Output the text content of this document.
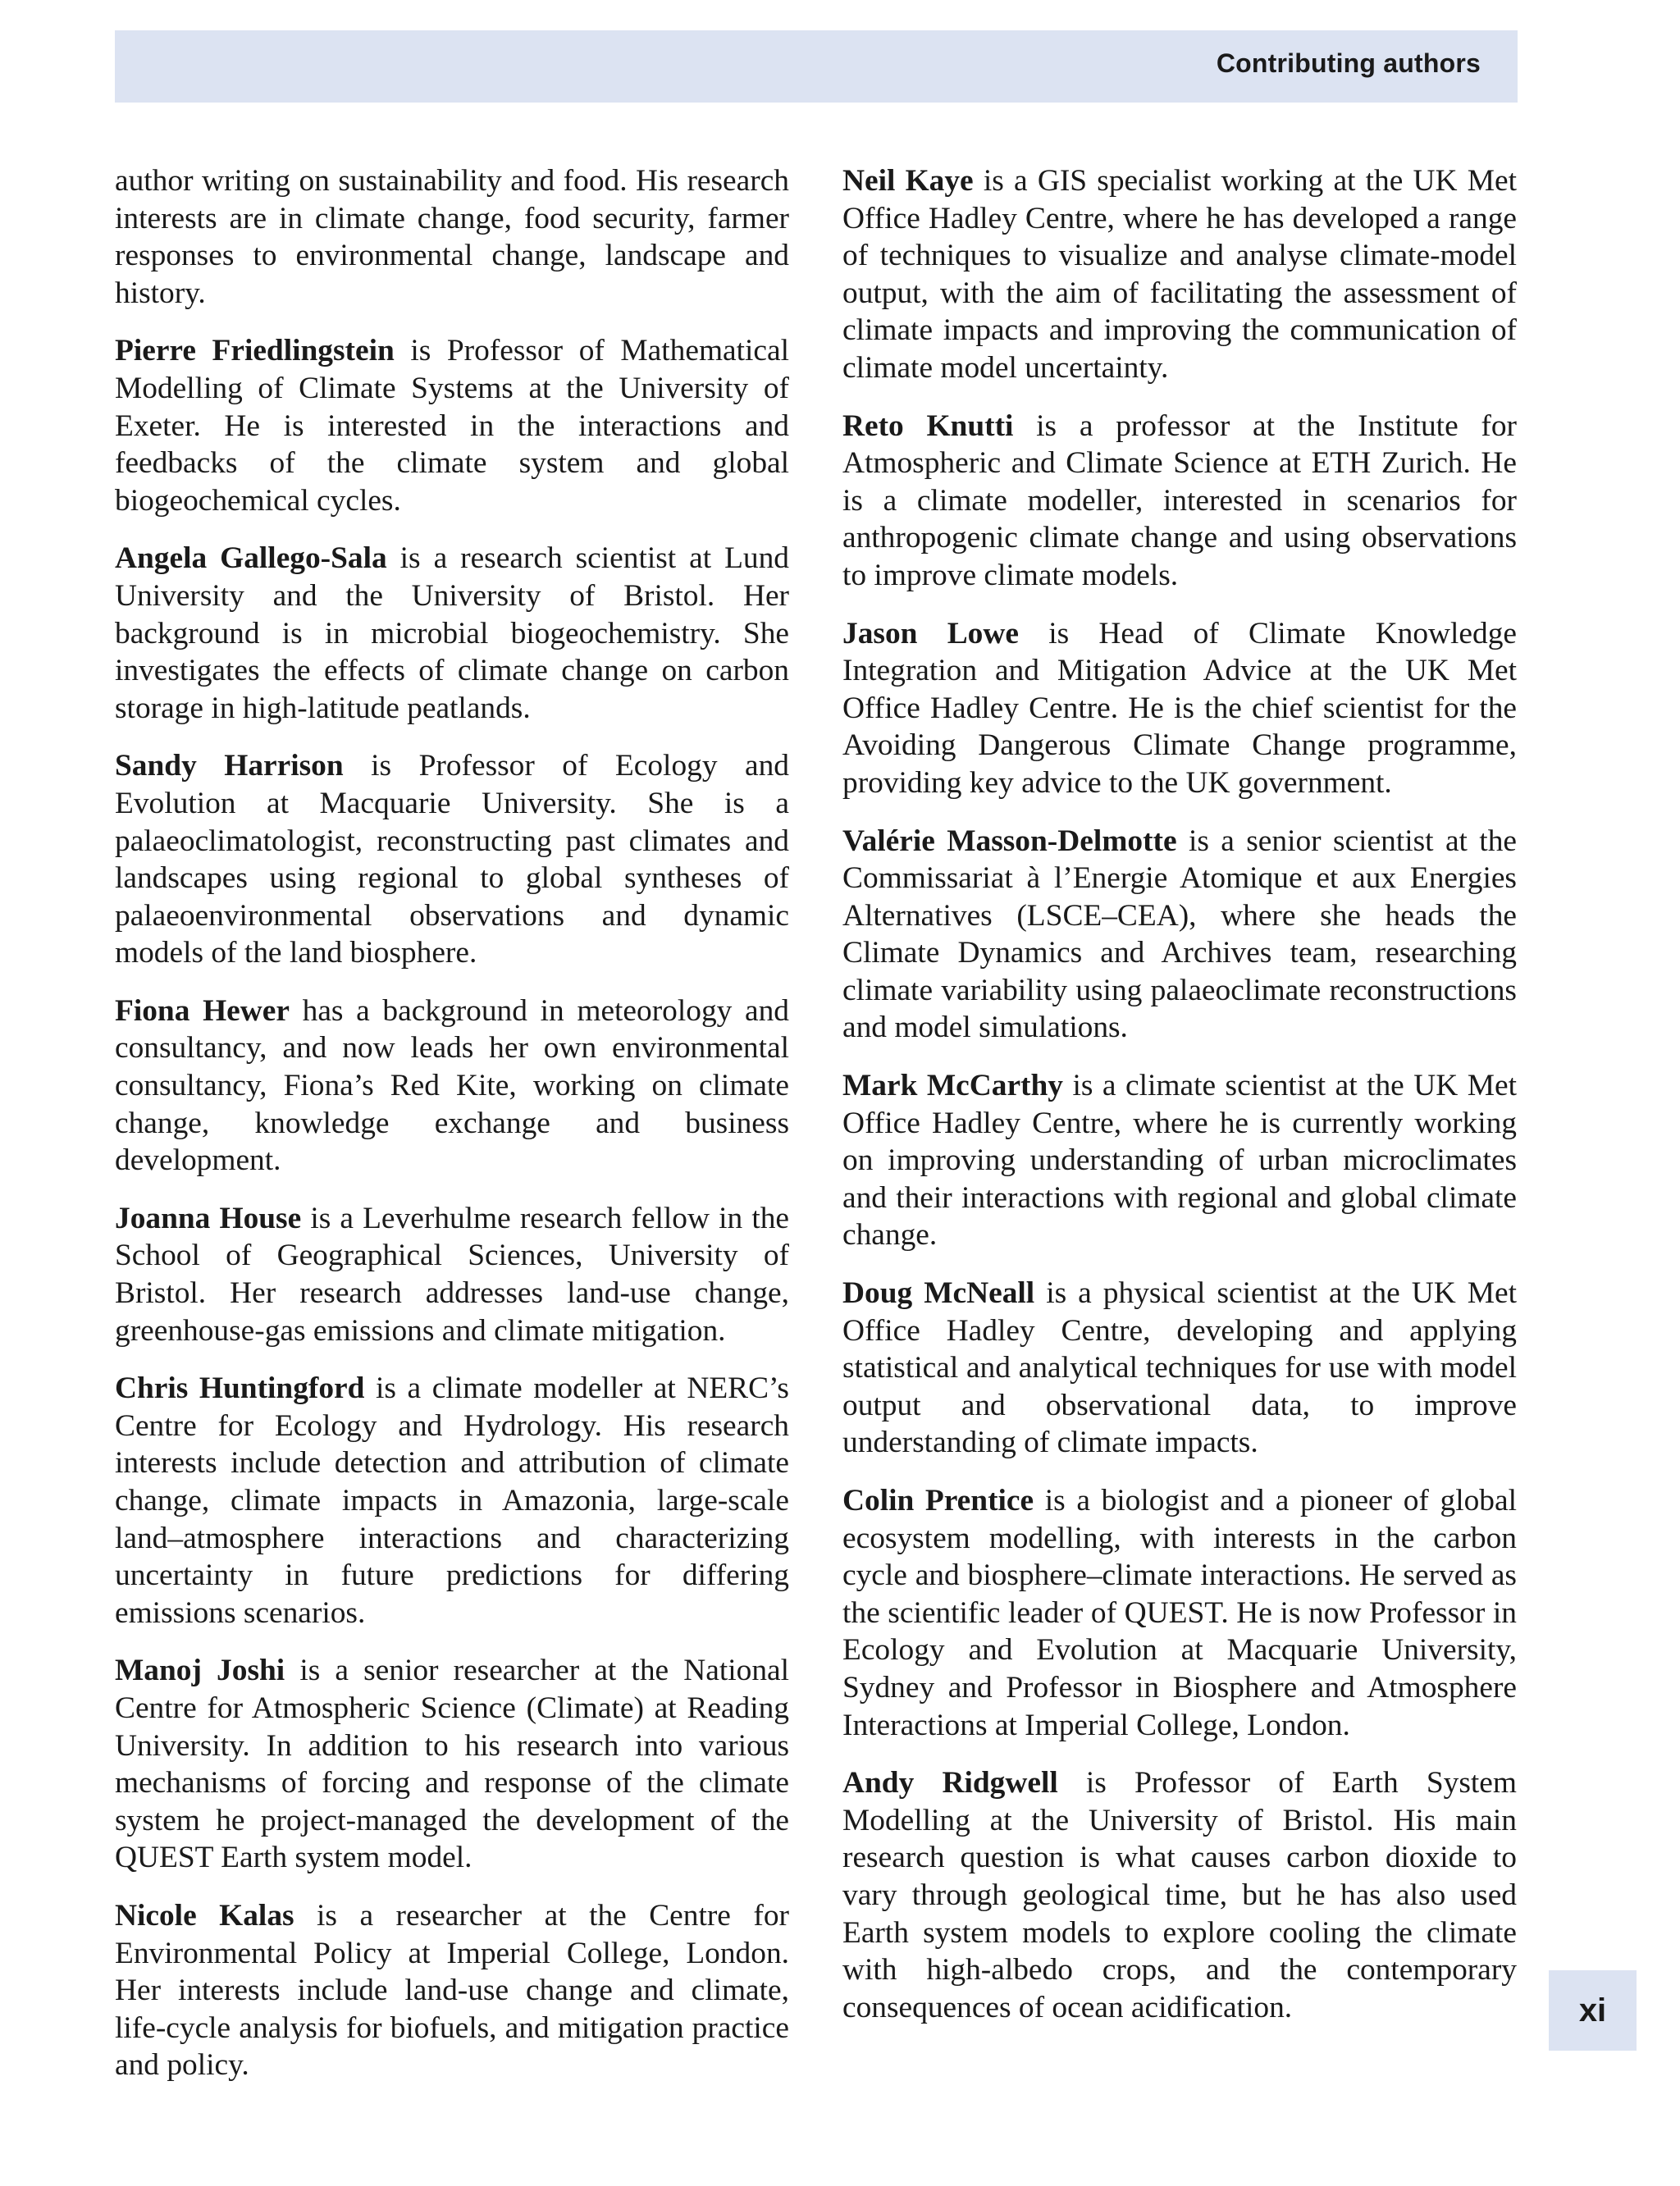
Contributing authors

author writing on sustainability and food. His research interests are in climate change, food security, farmer responses to environmental change, landscape and history.

Pierre Friedlingstein is Professor of Mathematical Modelling of Climate Systems at the University of Exeter. He is interested in the interactions and feedbacks of the climate system and global biogeochemical cycles.

Angela Gallego-Sala is a research scientist at Lund University and the University of Bristol. Her background is in microbial biogeochemistry. She investigates the effects of climate change on carbon storage in high-latitude peatlands.

Sandy Harrison is Professor of Ecology and Evolution at Macquarie University. She is a palaeoclimatologist, reconstructing past climates and landscapes using regional to global syntheses of palaeoenvironmental observations and dynamic models of the land biosphere.

Fiona Hewer has a background in meteorology and consultancy, and now leads her own environmental consultancy, Fiona’s Red Kite, working on climate change, knowledge exchange and business development.

Joanna House is a Leverhulme research fellow in the School of Geographical Sciences, University of Bristol. Her research addresses land-use change, greenhouse-gas emissions and climate mitigation.

Chris Huntingford is a climate modeller at NERC’s Centre for Ecology and Hydrology. His research interests include detection and attribution of climate change, climate impacts in Amazonia, large-scale land–atmosphere interactions and characterizing uncertainty in future predictions for differing emissions scenarios.

Manoj Joshi is a senior researcher at the National Centre for Atmospheric Science (Climate) at Reading University. In addition to his research into various mechanisms of forcing and response of the climate system he project-managed the development of the QUEST Earth system model.

Nicole Kalas is a researcher at the Centre for Environmental Policy at Imperial College, London. Her interests include land-use change and climate, life-cycle analysis for biofuels, and mitigation practice and policy.

Neil Kaye is a GIS specialist working at the UK Met Office Hadley Centre, where he has developed a range of techniques to visualize and analyse climate-model output, with the aim of facilitating the assessment of climate impacts and improving the communication of climate model uncertainty.

Reto Knutti is a professor at the Institute for Atmospheric and Climate Science at ETH Zurich. He is a climate modeller, interested in scenarios for anthropogenic climate change and using observations to improve climate models.

Jason Lowe is Head of Climate Knowledge Integration and Mitigation Advice at the UK Met Office Hadley Centre. He is the chief scientist for the Avoiding Dangerous Climate Change programme, providing key advice to the UK government.

Valérie Masson-Delmotte is a senior scientist at the Commissariat à l’Energie Atomique et aux Energies Alternatives (LSCE–CEA), where she heads the Climate Dynamics and Archives team, researching climate variability using palaeoclimate reconstructions and model simulations.

Mark McCarthy is a climate scientist at the UK Met Office Hadley Centre, where he is currently working on improving understanding of urban microclimates and their interactions with regional and global climate change.

Doug McNeall is a physical scientist at the UK Met Office Hadley Centre, developing and applying statistical and analytical techniques for use with model output and observational data, to improve understanding of climate impacts.

Colin Prentice is a biologist and a pioneer of global ecosystem modelling, with interests in the carbon cycle and biosphere–climate interactions. He served as the scientific leader of QUEST. He is now Professor in Ecology and Evolution at Macquarie University, Sydney and Professor in Biosphere and Atmosphere Interactions at Imperial College, London.

Andy Ridgwell is Professor of Earth System Modelling at the University of Bristol. His main research question is what causes carbon dioxide to vary through geological time, but he has also used Earth system models to explore cooling the climate with high-albedo crops, and the contemporary consequences of ocean acidification.	xi
